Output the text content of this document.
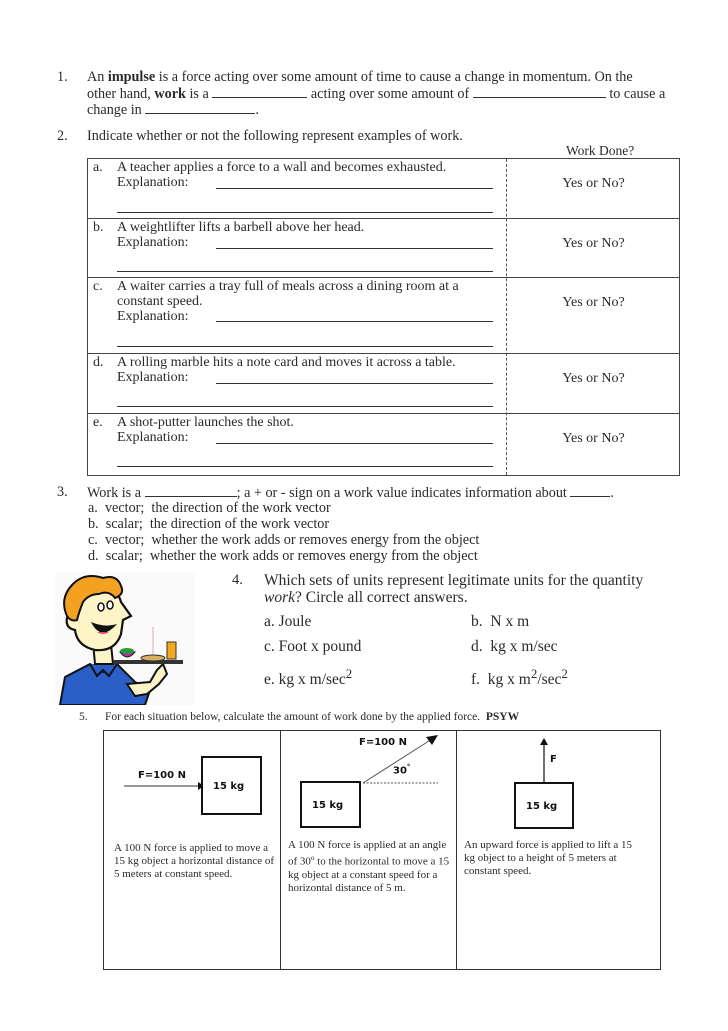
1. An impulse is a force acting over some amount of time to cause a change in momentum. On the
other hand, work is a	acting over some amount of	to cause a
change in	.
2. Indicate whether or not the following represent examples of work.
Work Done?
a. A teacher applies a force to a wall and becomes exhausted.
Explanation:	Yes or No?
b. A weightlifter lifts a barbell above her head.
Explanation:	Yes or No?
c. A waiter carries a tray full of meals across a dining room at a constant speed.
Explanation:
Yes or No?
d. A rolling marble hits a note card and moves it across a table.
Explanation:	Yes or No?
e. A shot-putter launches the shot.
Explanation:	Yes or No?
3. Work is a	; a + or - sign on a work value indicates information about	.
a.  vector;  the direction of the work vector
b.  scalar;  the direction of the work vector
c.  vector;  whether the work adds or removes energy from the object
d.  scalar;  whether the work adds or removes energy from the object
4. Which sets of units represent legitimate units for the quantity
work? Circle all correct answers.
a. Joule	b. N x m
c. Foot x pound	d. kg x m/sec
e. kg x $m/\sec^2$	f. kg x $m^2/\sec^2$
5. For each situation below, calculate the amount of work done by the applied force. PSYW
F=100 N
15 kg
A 100 N force is applied to move a 15 kg object a horizontal distance of 5 meters at constant speed.
F=100 N
30°
15 kg
A 100 N force is applied at an angle of 30$^o$ to the horizontal to move a 15 kg object at a constant speed for a horizontal distance of 5 m.
F
15 kg
An upward force is applied to lift a 15 kg object to a height of 5 meters at constant speed.
